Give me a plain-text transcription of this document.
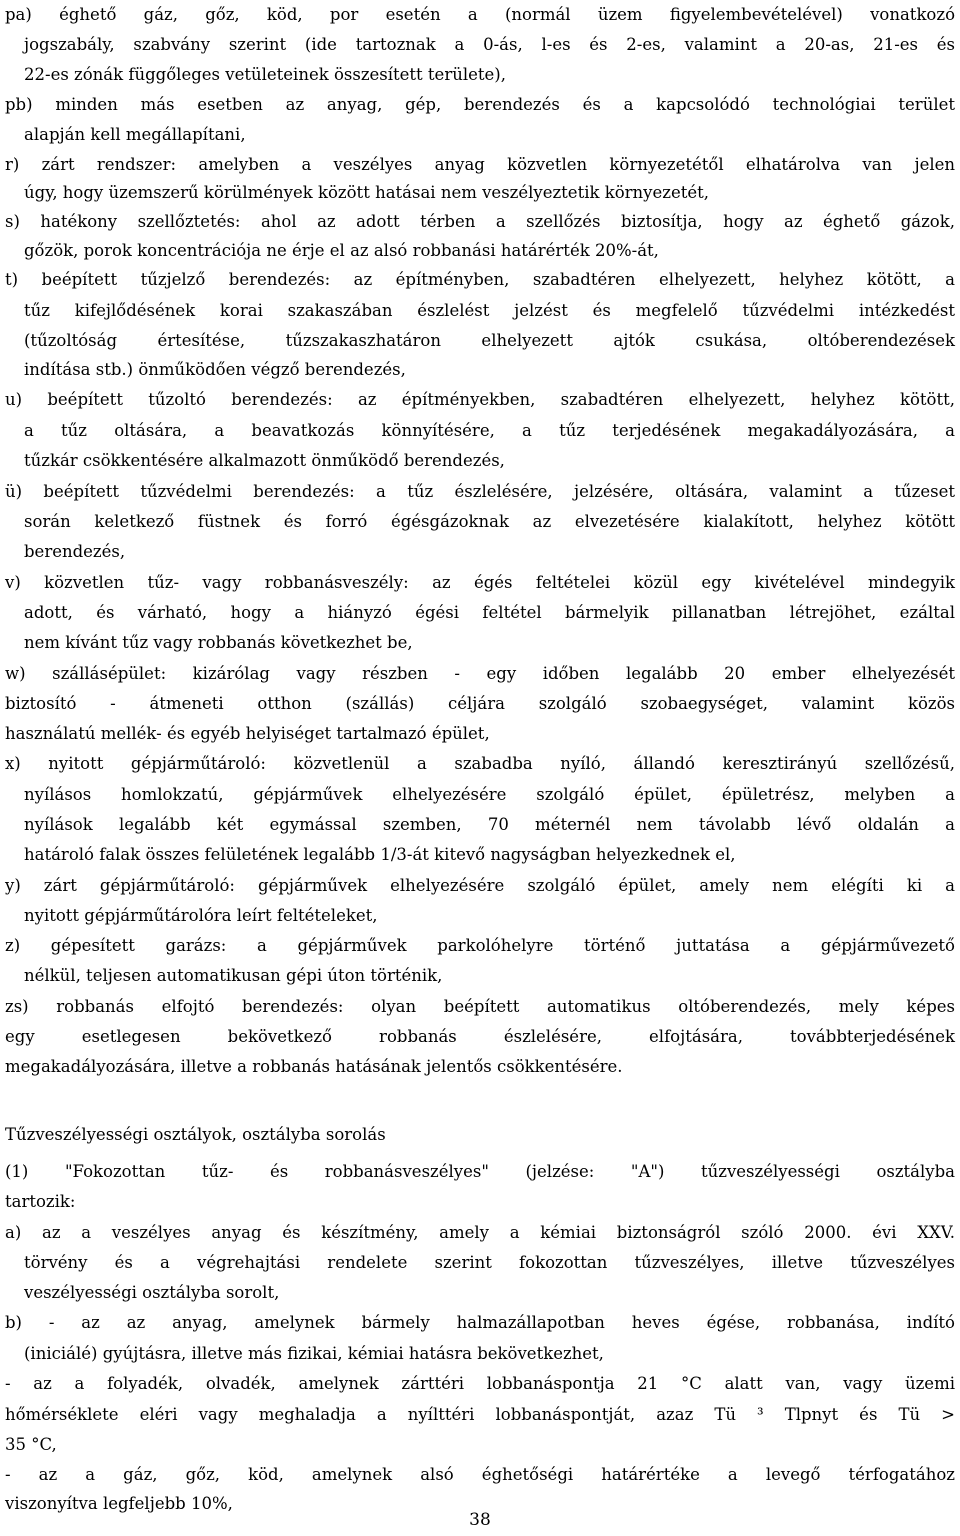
pa) éghető gáz, gőz, köd, por esetén a (normál üzem figyelembevételével) vonatkozó
jogszabály, szabvány szerint (ide tartoznak a 0-ás, l-es és 2-es, valamint a 20-as, 21-es és
22-es zónák függőleges vetületeinek összesített területe),
pb) minden más esetben az anyag, gép, berendezés és a kapcsolódó technológiai terület
alapján kell megállapítani,
r) zárt rendszer: amelyben a veszélyes anyag közvetlen környezetétől elhatárolva van jelen
úgy, hogy üzemszerű körülmények között hatásai nem veszélyeztetik környezetét,
s) hatékony szellőztetés: ahol az adott térben a szellőzés biztosítja, hogy az éghető gázok,
gőzök, porok koncentrációja ne érje el az alsó robbanási határérték 20%-át,
t) beépített tűzjelző berendezés: az építményben, szabadtéren elhelyezett, helyhez kötött, a
tűz kifejlődésének korai szakaszában észlelést jelzést és megfelelő tűzvédelmi intézkedést
(tűzoltóság értesítése, tűzszakaszhatáron elhelyezett ajtók csukása, oltóberendezések
indítása stb.) önműködően végző berendezés,
u) beépített tűzoltó berendezés: az építményekben, szabadtéren elhelyezett, helyhez kötött,
a tűz oltására, a beavatkozás könnyítésére, a tűz terjedésének megakadályozására, a
tűzkár csökkentésére alkalmazott önműködő berendezés,
ü) beépített tűzvédelmi berendezés: a tűz észlelésére, jelzésére, oltására, valamint a tűzeset
során keletkező füstnek és forró égésgázoknak az elvezetésére kialakított, helyhez kötött
berendezés,
v) közvetlen tűz- vagy robbanásveszély: az égés feltételei közül egy kivételével mindegyik
adott, és várható, hogy a hiányzó égési feltétel bármelyik pillanatban létrejöhet, ezáltal
nem kívánt tűz vagy robbanás következhet be,
w) szállásépület: kizárólag vagy részben - egy időben legalább 20 ember elhelyezését
biztosító - átmeneti otthon (szállás) céljára szolgáló szobaegységet, valamint közös
használatú mellék- és egyéb helyiséget tartalmazó épület,
x) nyitott gépjárműtároló: közvetlenül a szabadba nyíló, állandó keresztirányú szellőzésű,
nyílásos homlokzatú, gépjárművek elhelyezésére szolgáló épület, épületrész, melyben a
nyílások legalább két egymással szemben, 70 méternél nem távolabb lévő oldalán a
határoló falak összes felületének legalább 1/3-át kitevő nagyságban helyezkednek el,
y) zárt gépjárműtároló: gépjárművek elhelyezésére szolgáló épület, amely nem elégíti ki a
nyitott gépjárműtárolóra leírt feltételeket,
z) gépesített garázs: a gépjárművek parkolóhelyre történő juttatása a gépjárművezető
nélkül, teljesen automatikusan gépi úton történik,
zs) robbanás elfojtó berendezés: olyan beépített automatikus oltóberendezés, mely képes
egy esetlegesen bekövetkező robbanás észlelésére, elfojtására, továbbterjedésének
megakadályozására, illetve a robbanás hatásának jelentős csökkentésére.
Tűzveszélyességi osztályok, osztályba sorolás
(1) "Fokozottan tűz- és robbanásveszélyes" (jelzése: "A") tűzveszélyességi osztályba
tartozik:
a) az a veszélyes anyag és készítmény, amely a kémiai biztonságról szóló 2000. évi XXV.
törvény és a végrehajtási rendelete szerint fokozottan tűzveszélyes, illetve tűzveszélyes
veszélyességi osztályba sorolt,
b) - az az anyag, amelynek bármely halmazállapotban heves égése, robbanása, indító
(iniciálé) gyújtásra, illetve más fizikai, kémiai hatásra bekövetkezhet,
- az a folyadék, olvadék, amelynek zárttéri lobbanáspontja 21 °C alatt van, vagy üzemi
hőmérséklete eléri vagy meghaladja a nyílttéri lobbanáspontját, azaz Tü ³ Tlpnyt és Tü >
35 °C,
- az a gáz, gőz, köd, amelynek alsó éghetőségi határértéke a levegő térfogatához
viszonyítva legfeljebb 10%,
38
